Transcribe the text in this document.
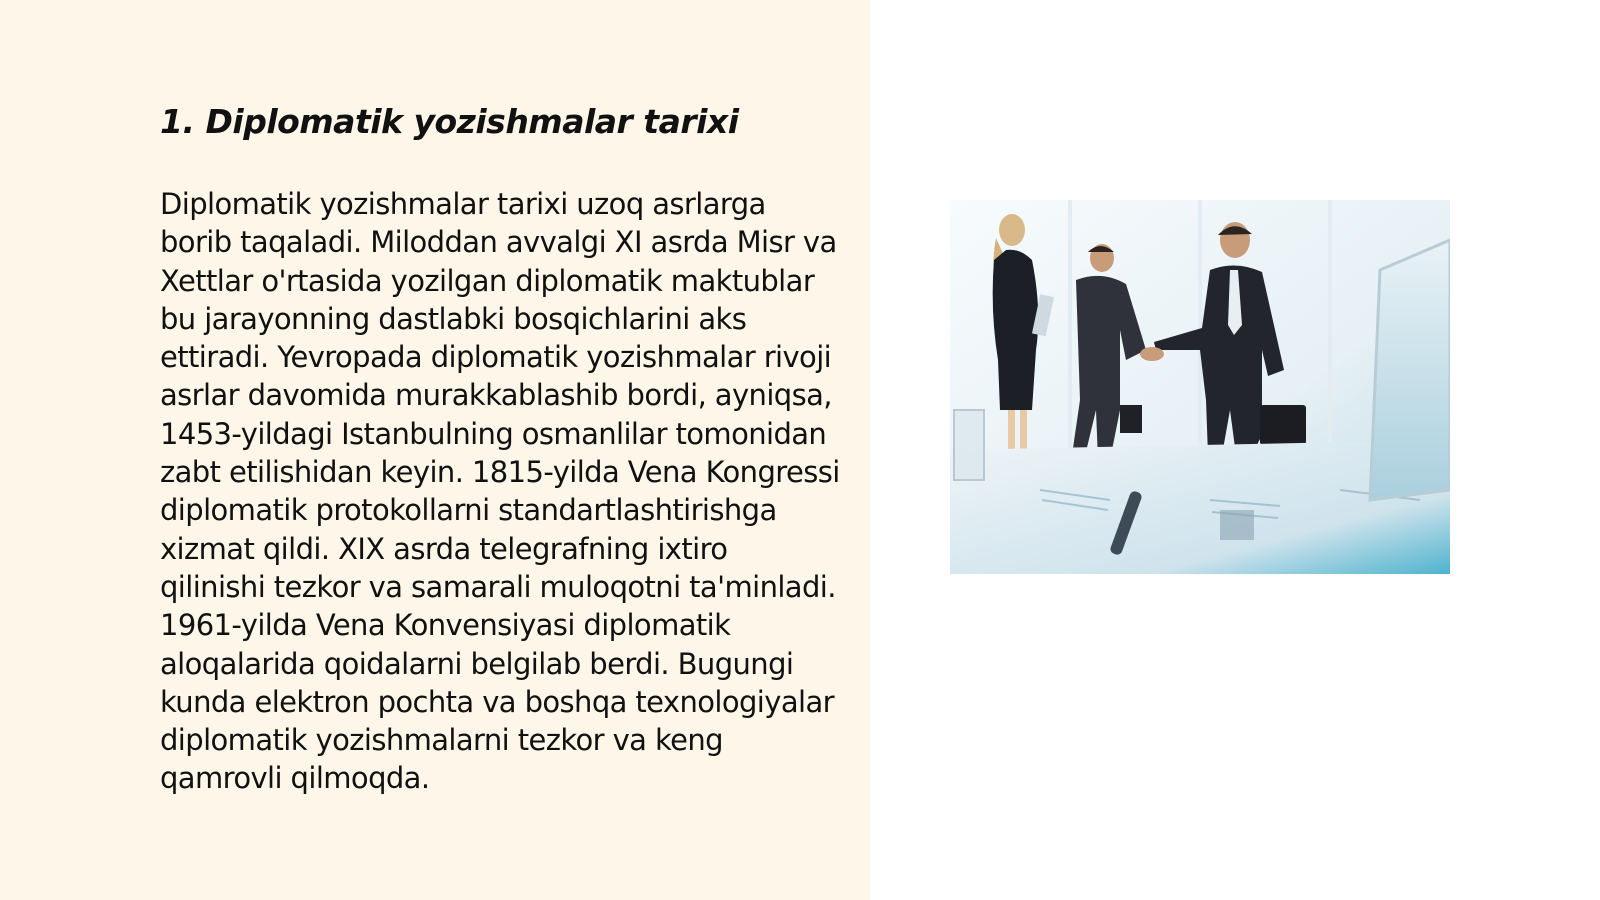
1. Diplomatik yozishmalar tarixi

Diplomatik yozishmalar tarixi uzoq asrlarga borib taqaladi. Miloddan avvalgi XI asrda Misr va Xettlar o'rtasida yozilgan diplomatik maktublar bu jarayonning dastlabki bosqichlarini aks ettiradi. Yevropada diplomatik yozishmalar rivoji asrlar davomida murakkablashib bordi, ayniqsa, 1453-yildagi Istanbulning osmanlilar tomonidan zabt etilishidan keyin. 1815-yilda Vena Kongressi diplomatik protokollarni standartlashtirishga xizmat qildi. XIX asrda telegrafning ixtiro qilinishi tezkor va samarali muloqotni ta'minladi. 1961-yilda Vena Konvensiyasi diplomatik aloqalarida qoidalarni belgilab berdi. Bugungi kunda elektron pochta va boshqa texnologiyalar diplomatik yozishmalarni tezkor va keng qamrovli qilmoqda.
